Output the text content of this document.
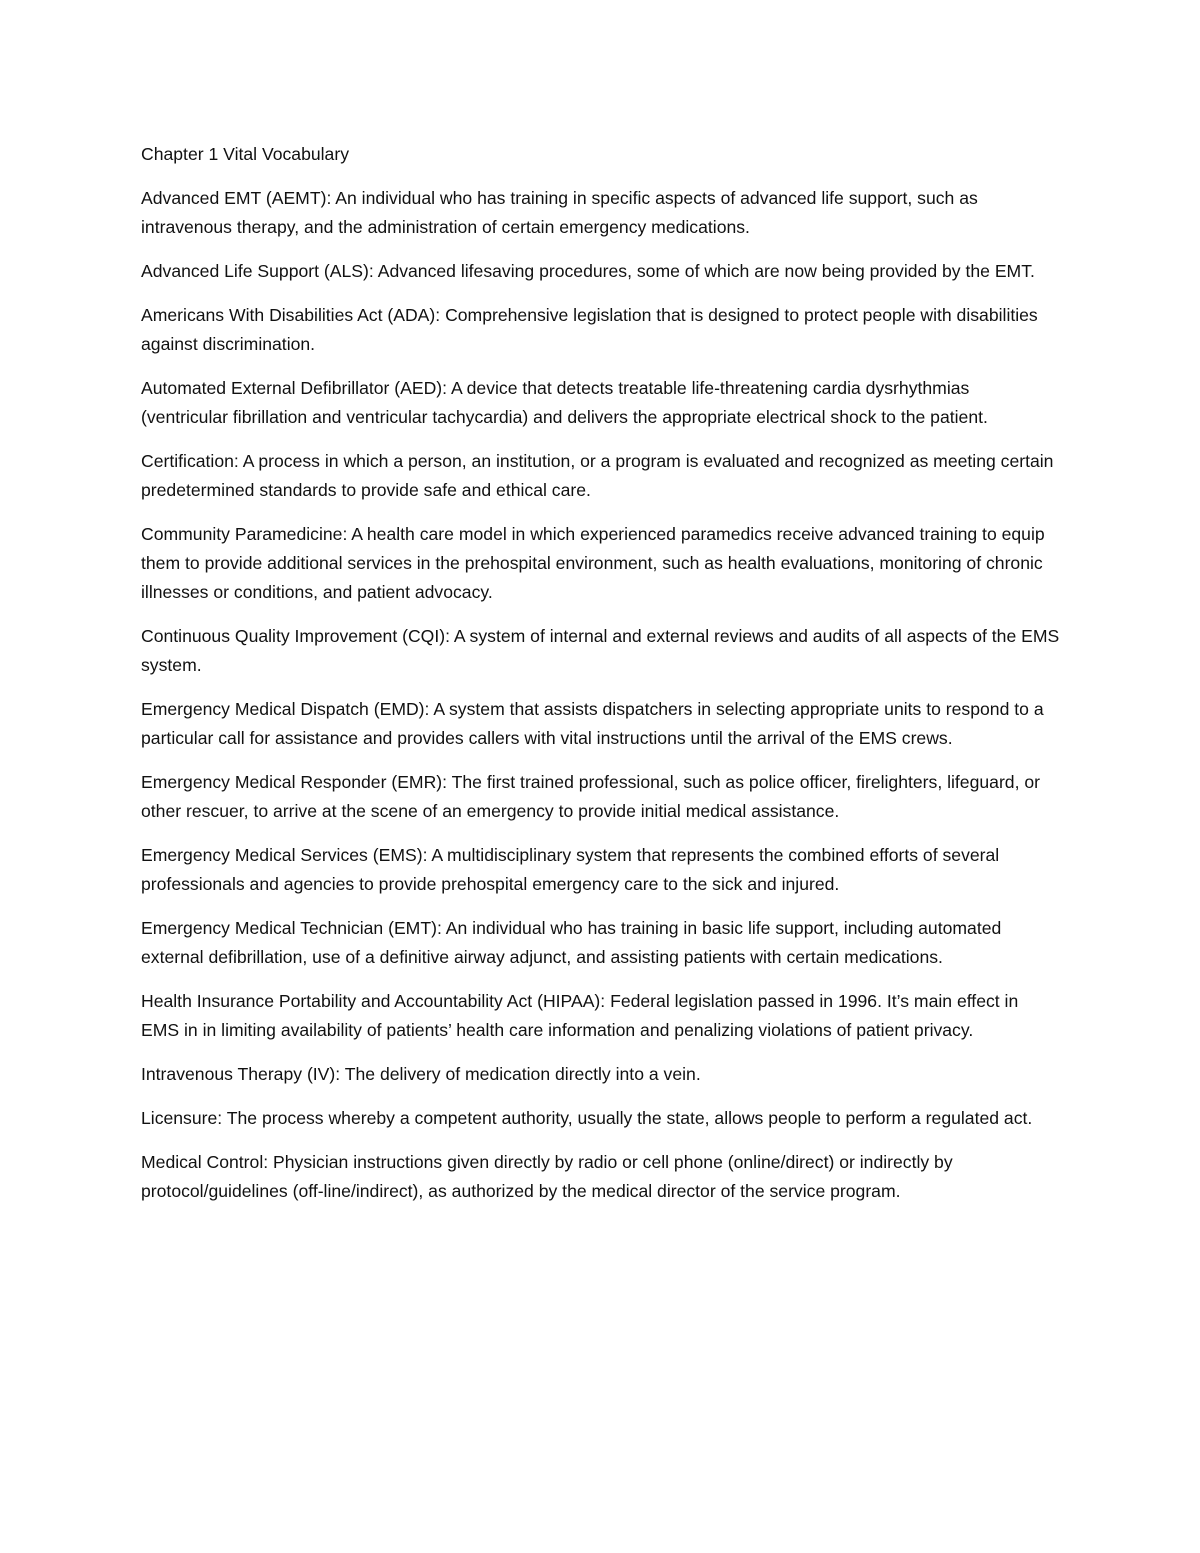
Chapter 1 Vital Vocabulary

Advanced EMT (AEMT): An individual who has training in specific aspects of advanced life support, such as intravenous therapy, and the administration of certain emergency medications.

Advanced Life Support (ALS): Advanced lifesaving procedures, some of which are now being provided by the EMT.

Americans With Disabilities Act (ADA): Comprehensive legislation that is designed to protect people with disabilities against discrimination.

Automated External Defibrillator (AED): A device that detects treatable life-threatening cardia dysrhythmias (ventricular fibrillation and ventricular tachycardia) and delivers the appropriate electrical shock to the patient.

Certification: A process in which a person, an institution, or a program is evaluated and recognized as meeting certain predetermined standards to provide safe and ethical care.

Community Paramedicine: A health care model in which experienced paramedics receive advanced training to equip them to provide additional services in the prehospital environment, such as health evaluations, monitoring of chronic illnesses or conditions, and patient advocacy.

Continuous Quality Improvement (CQI): A system of internal and external reviews and audits of all aspects of the EMS system.

Emergency Medical Dispatch (EMD): A system that assists dispatchers in selecting appropriate units to respond to a particular call for assistance and provides callers with vital instructions until the arrival of the EMS crews.

Emergency Medical Responder (EMR): The first trained professional, such as police officer, firelighters, lifeguard, or other rescuer, to arrive at the scene of an emergency to provide initial medical assistance.

Emergency Medical Services (EMS): A multidisciplinary system that represents the combined efforts of several professionals and agencies to provide prehospital emergency care to the sick and injured.

Emergency Medical Technician (EMT): An individual who has training in basic life support, including automated external defibrillation, use of a definitive airway adjunct, and assisting patients with certain medications.

Health Insurance Portability and Accountability Act (HIPAA): Federal legislation passed in 1996. It’s main effect in EMS in in limiting availability of patients’ health care information and penalizing violations of patient privacy.

Intravenous Therapy (IV): The delivery of medication directly into a vein.

Licensure: The process whereby a competent authority, usually the state, allows people to perform a regulated act.

Medical Control: Physician instructions given directly by radio or cell phone (online/direct) or indirectly by protocol/guidelines (off-line/indirect), as authorized by the medical director of the service program.
